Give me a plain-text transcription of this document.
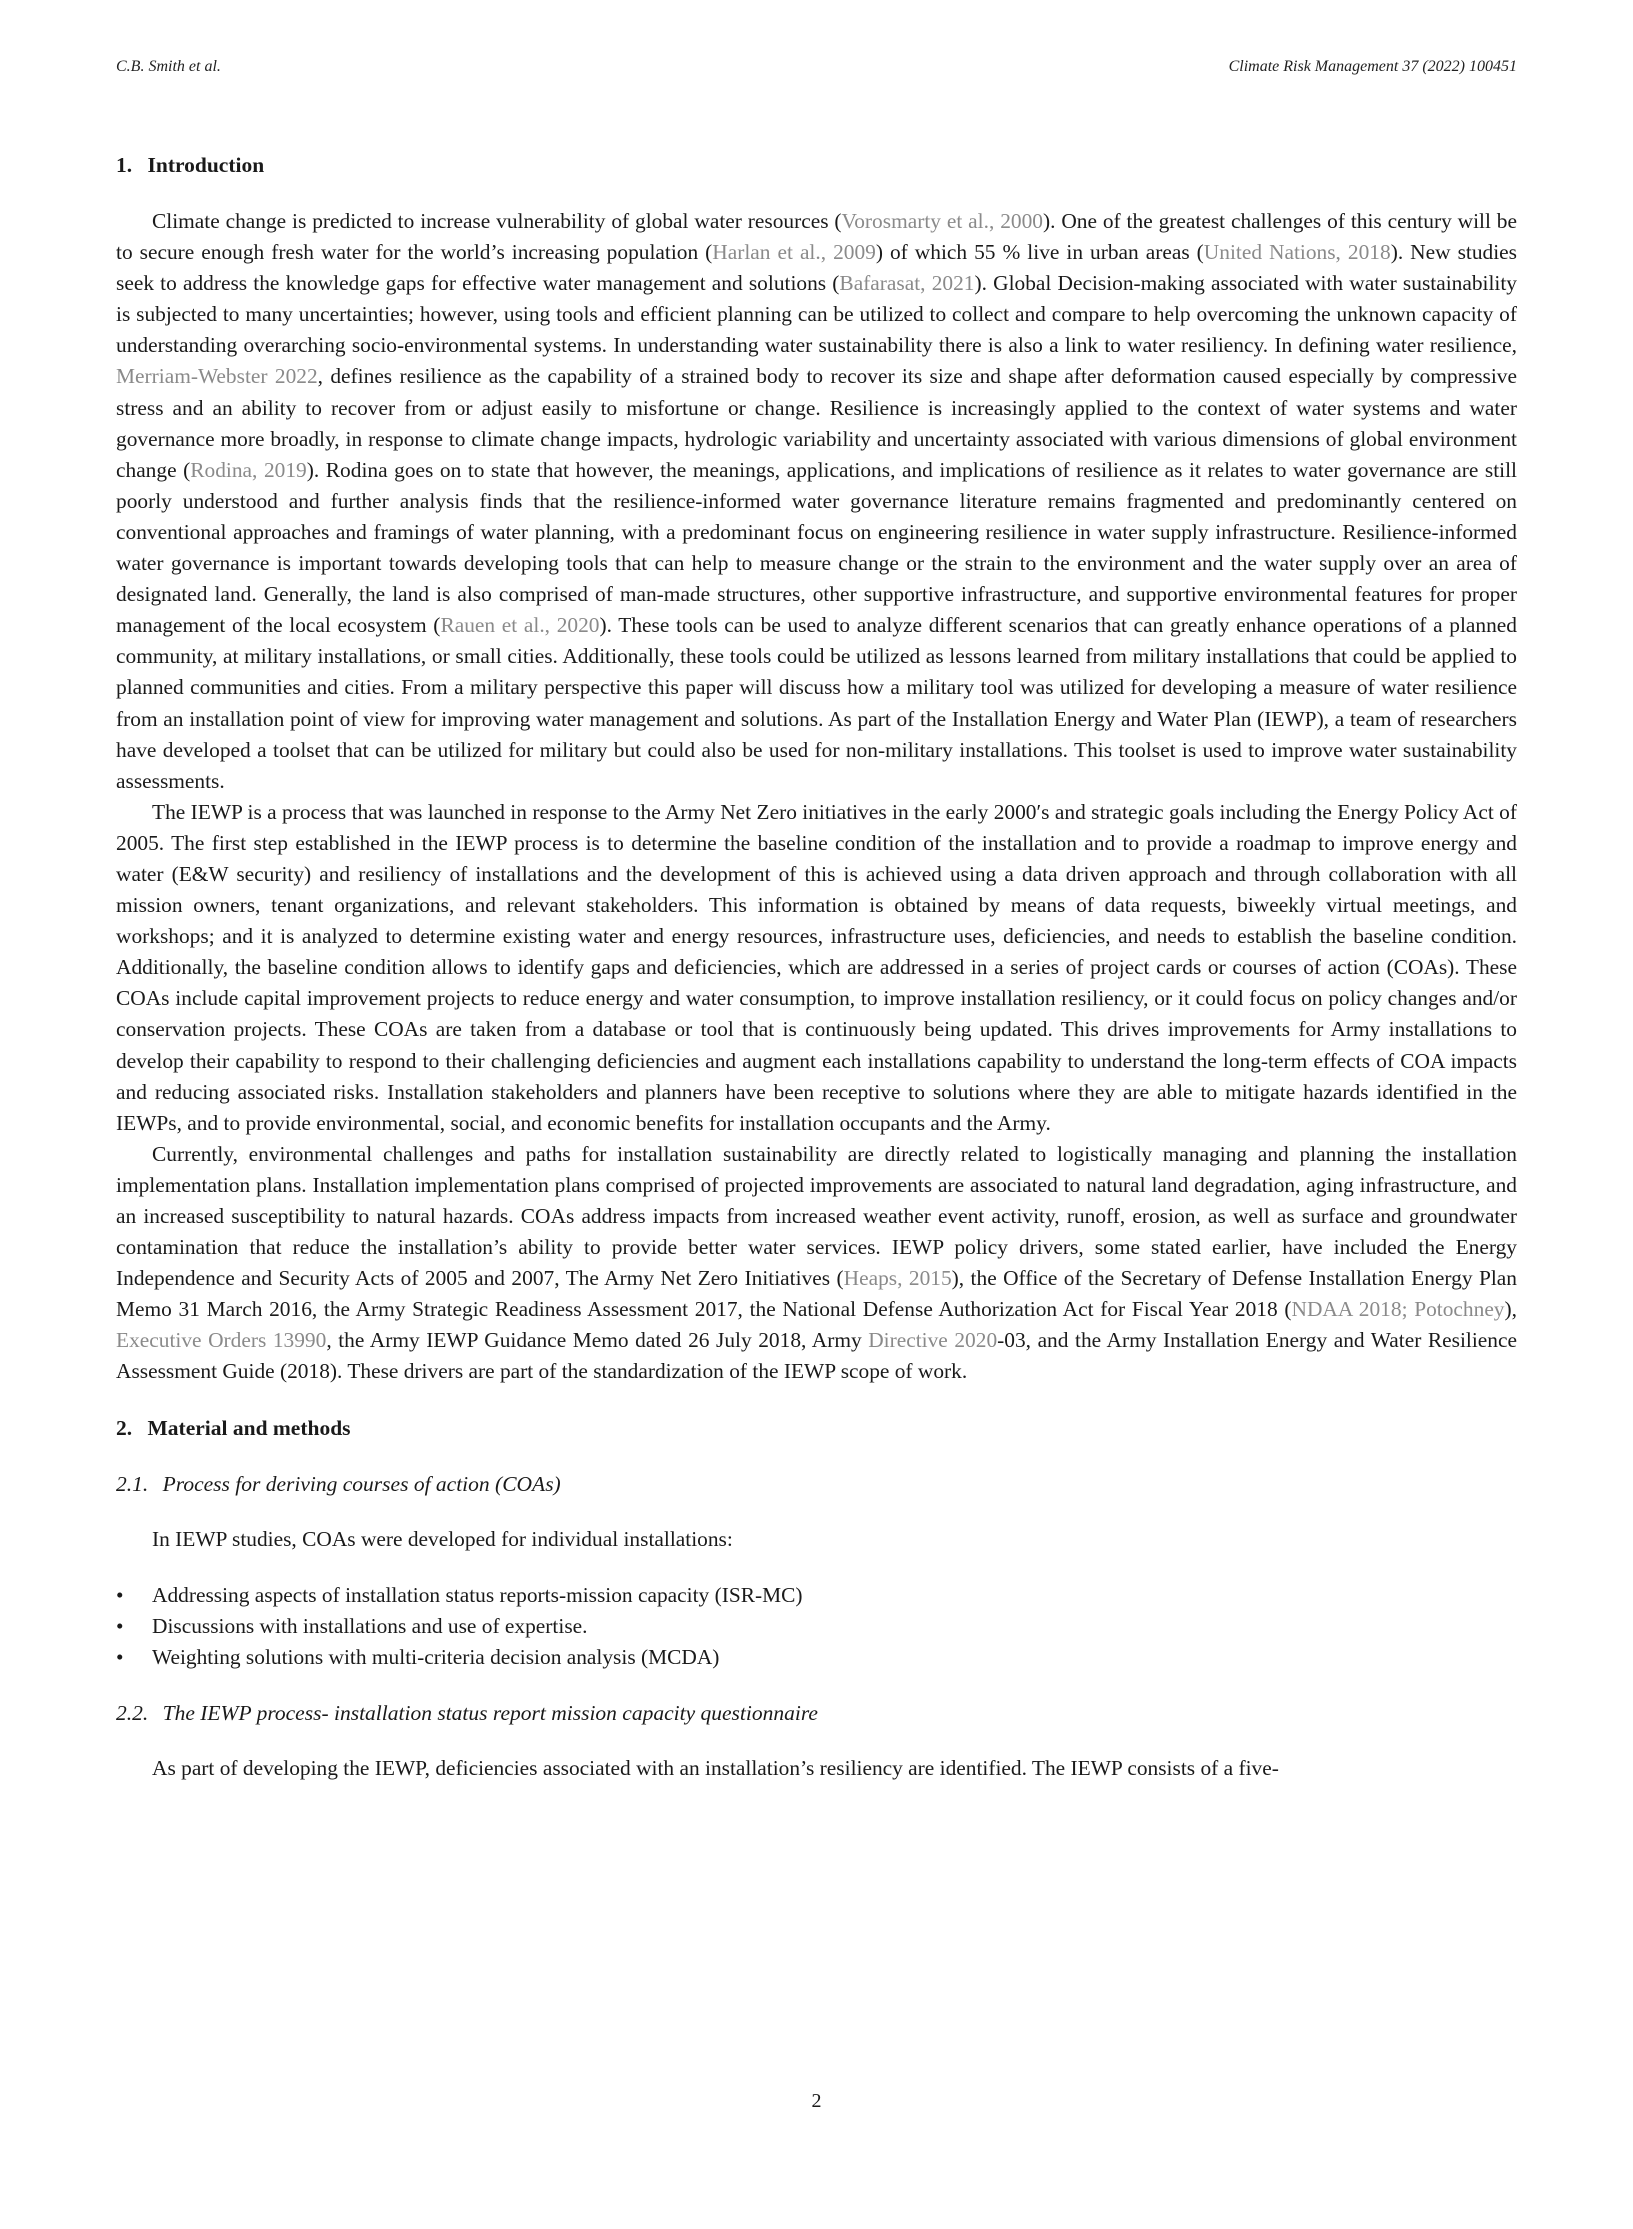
C.B. Smith et al.	Climate Risk Management 37 (2022) 100451
1. Introduction

Climate change is predicted to increase vulnerability of global water resources (Vorosmarty et al., 2000). One of the greatest challenges of this century will be to secure enough fresh water for the world’s increasing population (Harlan et al., 2009) of which 55 % live in urban areas (United Nations, 2018). New studies seek to address the knowledge gaps for effective water management and solutions (Bafarasat, 2021). Global Decision-making associated with water sustainability is subjected to many uncertainties; however, using tools and efficient planning can be utilized to collect and compare to help overcoming the unknown capacity of understanding overarching socio-environmental systems. In understanding water sustainability there is also a link to water resiliency. In defining water resilience, Merriam-Webster 2022, defines resilience as the capability of a strained body to recover its size and shape after deformation caused especially by compressive stress and an ability to recover from or adjust easily to misfortune or change. Resilience is increasingly applied to the context of water systems and water governance more broadly, in response to climate change impacts, hydrologic variability and uncertainty associated with various dimensions of global environment change (Rodina, 2019). Rodina goes on to state that however, the meanings, applications, and implications of resilience as it relates to water governance are still poorly understood and further analysis finds that the resilience-informed water governance literature remains fragmented and predominantly centered on conventional approaches and framings of water planning, with a predominant focus on engineering resilience in water supply infrastructure. Resilience-informed water governance is important towards developing tools that can help to measure change or the strain to the environment and the water supply over an area of designated land. Generally, the land is also comprised of man-made structures, other supportive infrastructure, and supportive environmental features for proper management of the local ecosystem (Rauen et al., 2020). These tools can be used to analyze different scenarios that can greatly enhance operations of a planned community, at military installations, or small cities. Additionally, these tools could be utilized as lessons learned from military installations that could be applied to planned communities and cities. From a military perspective this paper will discuss how a military tool was utilized for developing a measure of water resilience from an installation point of view for improving water management and solutions. As part of the Installation Energy and Water Plan (IEWP), a team of researchers have developed a toolset that can be utilized for military but could also be used for non-military installations. This toolset is used to improve water sustainability assessments.

The IEWP is a process that was launched in response to the Army Net Zero initiatives in the early 2000′s and strategic goals including the Energy Policy Act of 2005. The first step established in the IEWP process is to determine the baseline condition of the installation and to provide a roadmap to improve energy and water (E&W security) and resiliency of installations and the development of this is achieved using a data driven approach and through collaboration with all mission owners, tenant organizations, and relevant stakeholders. This information is obtained by means of data requests, biweekly virtual meetings, and workshops; and it is analyzed to determine existing water and energy resources, infrastructure uses, deficiencies, and needs to establish the baseline condition. Additionally, the baseline condition allows to identify gaps and deficiencies, which are addressed in a series of project cards or courses of action (COAs). These COAs include capital improvement projects to reduce energy and water consumption, to improve installation resiliency, or it could focus on policy changes and/or conservation projects. These COAs are taken from a database or tool that is continuously being updated. This drives improvements for Army installations to develop their capability to respond to their challenging deficiencies and augment each installations capability to understand the long-term effects of COA impacts and reducing associated risks. Installation stakeholders and planners have been receptive to solutions where they are able to mitigate hazards identified in the IEWPs, and to provide environmental, social, and economic benefits for installation occupants and the Army.

Currently, environmental challenges and paths for installation sustainability are directly related to logistically managing and planning the installation implementation plans. Installation implementation plans comprised of projected improvements are associated to natural land degradation, aging infrastructure, and an increased susceptibility to natural hazards. COAs address impacts from increased weather event activity, runoff, erosion, as well as surface and groundwater contamination that reduce the installation’s ability to provide better water services. IEWP policy drivers, some stated earlier, have included the Energy Independence and Security Acts of 2005 and 2007, The Army Net Zero Initiatives (Heaps, 2015), the Office of the Secretary of Defense Installation Energy Plan Memo 31 March 2016, the Army Strategic Readiness Assessment 2017, the National Defense Authorization Act for Fiscal Year 2018 (NDAA 2018; Potochney), Executive Orders 13990, the Army IEWP Guidance Memo dated 26 July 2018, Army Directive 2020-03, and the Army Installation Energy and Water Resilience Assessment Guide (2018). These drivers are part of the standardization of the IEWP scope of work.

2. Material and methods
2.1. Process for deriving courses of action (COAs)

In IEWP studies, COAs were developed for individual installations:

• Addressing aspects of installation status reports-mission capacity (ISR-MC)
• Discussions with installations and use of expertise.
• Weighting solutions with multi-criteria decision analysis (MCDA)
2.2. The IEWP process- installation status report mission capacity questionnaire

As part of developing the IEWP, deficiencies associated with an installation’s resiliency are identified. The IEWP consists of a five-

2
